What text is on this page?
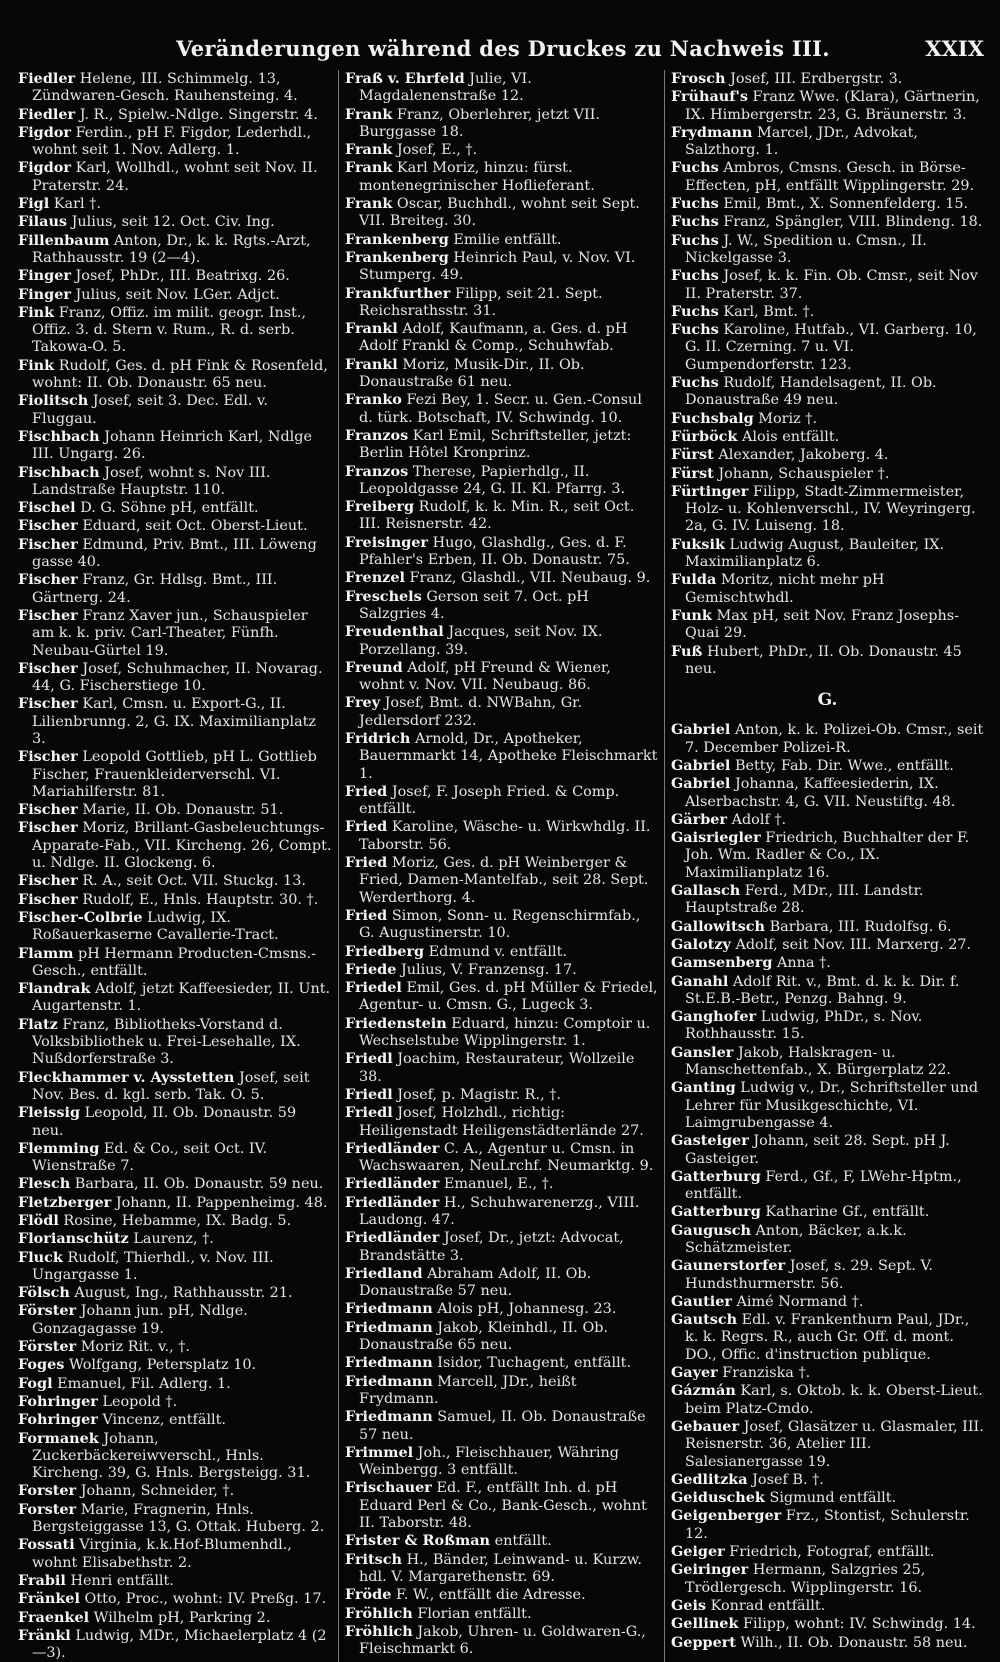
Veränderungen während des Druckes zu Nachweis III.	XXIX

Fiedler Helene, III. Schimmelg. 13, Zündwaren-Gesch. Rauhensteing. 4.

Fiedler J. R., Spielw.-Ndlge. Singerstr. 4.

Figdor Ferdin., pH F. Figdor, Lederhdl., wohnt seit 1. Nov. Adlerg. 1.

Figdor Karl, Wollhdl., wohnt seit Nov. II. Praterstr. 24.

Figl Karl †.

Filaus Julius, seit 12. Oct. Civ. Ing.

Fillenbaum Anton, Dr., k. k. Rgts.-Arzt, Rathhausstr. 19 (2—4).

Finger Josef, PhDr., III. Beatrixg. 26.

Finger Julius, seit Nov. LGer. Adjct.

Fink Franz, Offiz. im milit. geogr. Inst., Offiz. 3. d. Stern v. Rum., R. d. serb. Takowa-O. 5.

Fink Rudolf, Ges. d. pH Fink & Rosenfeld, wohnt: II. Ob. Donaustr. 65 neu.

Fiolitsch Josef, seit 3. Dec. Edl. v. Fluggau.

Fischbach Johann Heinrich Karl, Ndlge III. Ungarg. 26.

Fischbach Josef, wohnt s. Nov III. Landstraße Hauptstr. 110.

Fischel D. G. Söhne pH, entfällt.

Fischer Eduard, seit Oct. Oberst-Lieut.

Fischer Edmund, Priv. Bmt., III. Löweng gasse 40.

Fischer Franz, Gr. Hdlsg. Bmt., III. Gärtnerg. 24.

Fischer Franz Xaver jun., Schauspieler am k. k. priv. Carl-Theater, Fünfh. Neubau-Gürtel 19.

Fischer Josef, Schuhmacher, II. Novarag. 44, G. Fischerstiege 10.

Fischer Karl, Cmsn. u. Export-G., II. Lilienbrunng. 2, G. IX. Maximilianplatz 3.

Fischer Leopold Gottlieb, pH L. Gottlieb Fischer, Frauenkleiderverschl. VI. Mariahilferstr. 81.

Fischer Marie, II. Ob. Donaustr. 51.

Fischer Moriz, Brillant-Gasbeleuchtungs-Apparate-Fab., VII. Kircheng. 26, Compt. u. Ndlge. II. Glockeng. 6.

Fischer R. A., seit Oct. VII. Stuckg. 13.

Fischer Rudolf, E., Hnls. Hauptstr. 30. †.

Fischer-Colbrie Ludwig, IX. Roßauerkaserne Cavallerie-Tract.

Flamm pH Hermann Producten-Cmsns.-Gesch., entfällt.

Flandrak Adolf, jetzt Kaffeesieder, II. Unt. Augartenstr. 1.

Flatz Franz, Bibliotheks-Vorstand d. Volksbibliothek u. Frei-Lesehalle, IX. Nußdorferstraße 3.

Fleckhammer v. Aysstetten Josef, seit Nov. Bes. d. kgl. serb. Tak. O. 5.

Fleissig Leopold, II. Ob. Donaustr. 59 neu.

Flemming Ed. & Co., seit Oct. IV. Wienstraße 7.

Flesch Barbara, II. Ob. Donaustr. 59 neu.

Fletzberger Johann, II. Pappenheimg. 48.

Flödl Rosine, Hebamme, IX. Badg. 5.

Florianschütz Laurenz, †.

Fluck Rudolf, Thierhdl., v. Nov. III. Ungargasse 1.

Fölsch August, Ing., Rathhausstr. 21.

Förster Johann jun. pH, Ndlge. Gonzagagasse 19.

Förster Moriz Rit. v., †.

Foges Wolfgang, Petersplatz 10.

Fogl Emanuel, Fil. Adlerg. 1.

Fohringer Leopold †.

Fohringer Vincenz, entfällt.

Formanek Johann, Zuckerbäckereiwverschl., Hnls. Kircheng. 39, G. Hnls. Bergsteigg. 31.

Forster Johann, Schneider, †.

Forster Marie, Fragnerin, Hnls. Bergsteiggasse 13, G. Ottak. Huberg. 2.

Fossati Virginia, k.k.Hof-Blumenhdl., wohnt Elisabethstr. 2.

Frabil Henri entfällt.

Fränkel Otto, Proc., wohnt: IV. Preßg. 17.

Fraenkel Wilhelm pH, Parkring 2.

Fränkl Ludwig, MDr., Michaelerplatz 4 (2—3).

Fraß v. Ehrfeld Julie, VI. Magdalenenstraße 12.

Frank Franz, Oberlehrer, jetzt VII. Burggasse 18.

Frank Josef, E., †.

Frank Karl Moriz, hinzu: fürst. montenegrinischer Hoflieferant.

Frank Oscar, Buchhdl., wohnt seit Sept. VII. Breiteg. 30.

Frankenberg Emilie entfällt.

Frankenberg Heinrich Paul, v. Nov. VI. Stumperg. 49.

Frankfurther Filipp, seit 21. Sept. Reichsrathsstr. 31.

Frankl Adolf, Kaufmann, a. Ges. d. pH Adolf Frankl & Comp., Schuhwfab.

Frankl Moriz, Musik-Dir., II. Ob. Donaustraße 61 neu.

Franko Fezi Bey, 1. Secr. u. Gen.-Consul d. türk. Botschaft, IV. Schwindg. 10.

Franzos Karl Emil, Schriftsteller, jetzt: Berlin Hôtel Kronprinz.

Franzos Therese, Papierhdlg., II. Leopoldgasse 24, G. II. Kl. Pfarrg. 3.

Freiberg Rudolf, k. k. Min. R., seit Oct. III. Reisnerstr. 42.

Freisinger Hugo, Glashdlg., Ges. d. F. Pfahler's Erben, II. Ob. Donaustr. 75.

Frenzel Franz, Glashdl., VII. Neubaug. 9.

Freschels Gerson seit 7. Oct. pH Salzgries 4.

Freudenthal Jacques, seit Nov. IX. Porzellang. 39.

Freund Adolf, pH Freund & Wiener, wohnt v. Nov. VII. Neubaug. 86.

Frey Josef, Bmt. d. NWBahn, Gr. Jedlersdorf 232.

Fridrich Arnold, Dr., Apotheker, Bauernmarkt 14, Apotheke Fleischmarkt 1.

Fried Josef, F. Joseph Fried. & Comp. entfällt.

Fried Karoline, Wäsche- u. Wirkwhdlg. II. Taborstr. 56.

Fried Moriz, Ges. d. pH Weinberger & Fried, Damen-Mantelfab., seit 28. Sept. Werderthorg. 4.

Fried Simon, Sonn- u. Regenschirmfab., G. Augustinerstr. 10.

Friedberg Edmund v. entfällt.

Friede Julius, V. Franzensg. 17.

Friedel Emil, Ges. d. pH Müller & Friedel, Agentur- u. Cmsn. G., Lugeck 3.

Friedenstein Eduard, hinzu: Comptoir u. Wechselstube Wipplingerstr. 1.

Friedl Joachim, Restaurateur, Wollzeile 38.

Friedl Josef, p. Magistr. R., †.

Friedl Josef, Holzhdl., richtig: Heiligenstadt Heiligenstädterlände 27.

Friedländer C. A., Agentur u. Cmsn. in Wachswaaren, NeuLrchf. Neumarktg. 9.

Friedländer Emanuel, E., †.

Friedländer H., Schuhwarenerzg., VIII. Laudong. 47.

Friedländer Josef, Dr., jetzt: Advocat, Brandstätte 3.

Friedland Abraham Adolf, II. Ob. Donaustraße 57 neu.

Friedmann Alois pH, Johannesg. 23.

Friedmann Jakob, Kleinhdl., II. Ob. Donaustraße 65 neu.

Friedmann Isidor, Tuchagent, entfällt.

Friedmann Marcell, JDr., heißt Frydmann.

Friedmann Samuel, II. Ob. Donaustraße 57 neu.

Frimmel Joh., Fleischhauer, Währing Weinbergg. 3 entfällt.

Frischauer Ed. F., entfällt Inh. d. pH Eduard Perl & Co., Bank-Gesch., wohnt II. Taborstr. 48.

Frister & Roßman entfällt.

Fritsch H., Bänder, Leinwand- u. Kurzw. hdl. V. Margarethenstr. 69.

Fröde F. W., entfällt die Adresse.

Fröhlich Florian entfällt.

Fröhlich Jakob, Uhren- u. Goldwaren-G., Fleischmarkt 6.

Frosch Josef, III. Erdbergstr. 3.

Frühauf's Franz Wwe. (Klara), Gärtnerin, IX. Himbergerstr. 23, G. Bräunerstr. 3.

Frydmann Marcel, JDr., Advokat, Salzthorg. 1.

Fuchs Ambros, Cmsns. Gesch. in Börse-Effecten, pH, entfällt Wipplingerstr. 29.

Fuchs Emil, Bmt., X. Sonnenfelderg. 15.

Fuchs Franz, Spängler, VIII. Blindeng. 18.

Fuchs J. W., Spedition u. Cmsn., II. Nickelgasse 3.

Fuchs Josef, k. k. Fin. Ob. Cmsr., seit Nov II. Praterstr. 37.

Fuchs Karl, Bmt. †.

Fuchs Karoline, Hutfab., VI. Garberg. 10, G. II. Czerning. 7 u. VI. Gumpendorferstr. 123.

Fuchs Rudolf, Handelsagent, II. Ob. Donaustraße 49 neu.

Fuchsbalg Moriz †.

Fürböck Alois entfällt.

Fürst Alexander, Jakoberg. 4.

Fürst Johann, Schauspieler †.

Fürtinger Filipp, Stadt-Zimmermeister, Holz- u. Kohlenverschl., IV. Weyringerg. 2a, G. IV. Luiseng. 18.

Fuksik Ludwig August, Bauleiter, IX. Maximilianplatz 6.

Fulda Moritz, nicht mehr pH Gemischtwhdl.

Funk Max pH, seit Nov. Franz Josephs-Quai 29.

Fuß Hubert, PhDr., II. Ob. Donaustr. 45 neu.

G.

Gabriel Anton, k. k. Polizei-Ob. Cmsr., seit 7. December Polizei-R.

Gabriel Betty, Fab. Dir. Wwe., entfällt.

Gabriel Johanna, Kaffeesiederin, IX. Alserbachstr. 4, G. VII. Neustiftg. 48.

Gärber Adolf †.

Gaisriegler Friedrich, Buchhalter der F. Joh. Wm. Radler & Co., IX. Maximilianplatz 16.

Gallasch Ferd., MDr., III. Landstr. Hauptstraße 28.

Gallowitsch Barbara, III. Rudolfsg. 6.

Galotzy Adolf, seit Nov. III. Marxerg. 27.

Gamsenberg Anna †.

Ganahl Adolf Rit. v., Bmt. d. k. k. Dir. f. St.E.B.-Betr., Penzg. Bahng. 9.

Ganghofer Ludwig, PhDr., s. Nov. Rothhausstr. 15.

Gansler Jakob, Halskragen- u. Manschettenfab., X. Bürgerplatz 22.

Ganting Ludwig v., Dr., Schriftsteller und Lehrer für Musikgeschichte, VI. Laimgrubengasse 4.

Gasteiger Johann, seit 28. Sept. pH J. Gasteiger.

Gatterburg Ferd., Gf., F, LWehr-Hptm., entfällt.

Gatterburg Katharine Gf., entfällt.

Gaugusch Anton, Bäcker, a.k.k. Schätzmeister.

Gaunerstorfer Josef, s. 29. Sept. V. Hundsthurmerstr. 56.

Gautier Aimé Normand †.

Gautsch Edl. v. Frankenthurn Paul, JDr., k. k. Regrs. R., auch Gr. Off. d. mont. DO., Offic. d'instruction publique.

Gayer Franziska †.

Gázmán Karl, s. Oktob. k. k. Oberst-Lieut. beim Platz-Cmdo.

Gebauer Josef, Glasätzer u. Glasmaler, III. Reisnerstr. 36, Atelier III. Salesianergasse 19.

Gedlitzka Josef B. †.

Geiduschek Sigmund entfällt.

Geigenberger Frz., Stontist, Schulerstr. 12.

Geiger Friedrich, Fotograf, entfällt.

Geiringer Hermann, Salzgries 25, Trödlergesch. Wipplingerstr. 16.

Geis Konrad entfällt.

Gellinek Filipp, wohnt: IV. Schwindg. 14.

Geppert Wilh., II. Ob. Donaustr. 58 neu.
